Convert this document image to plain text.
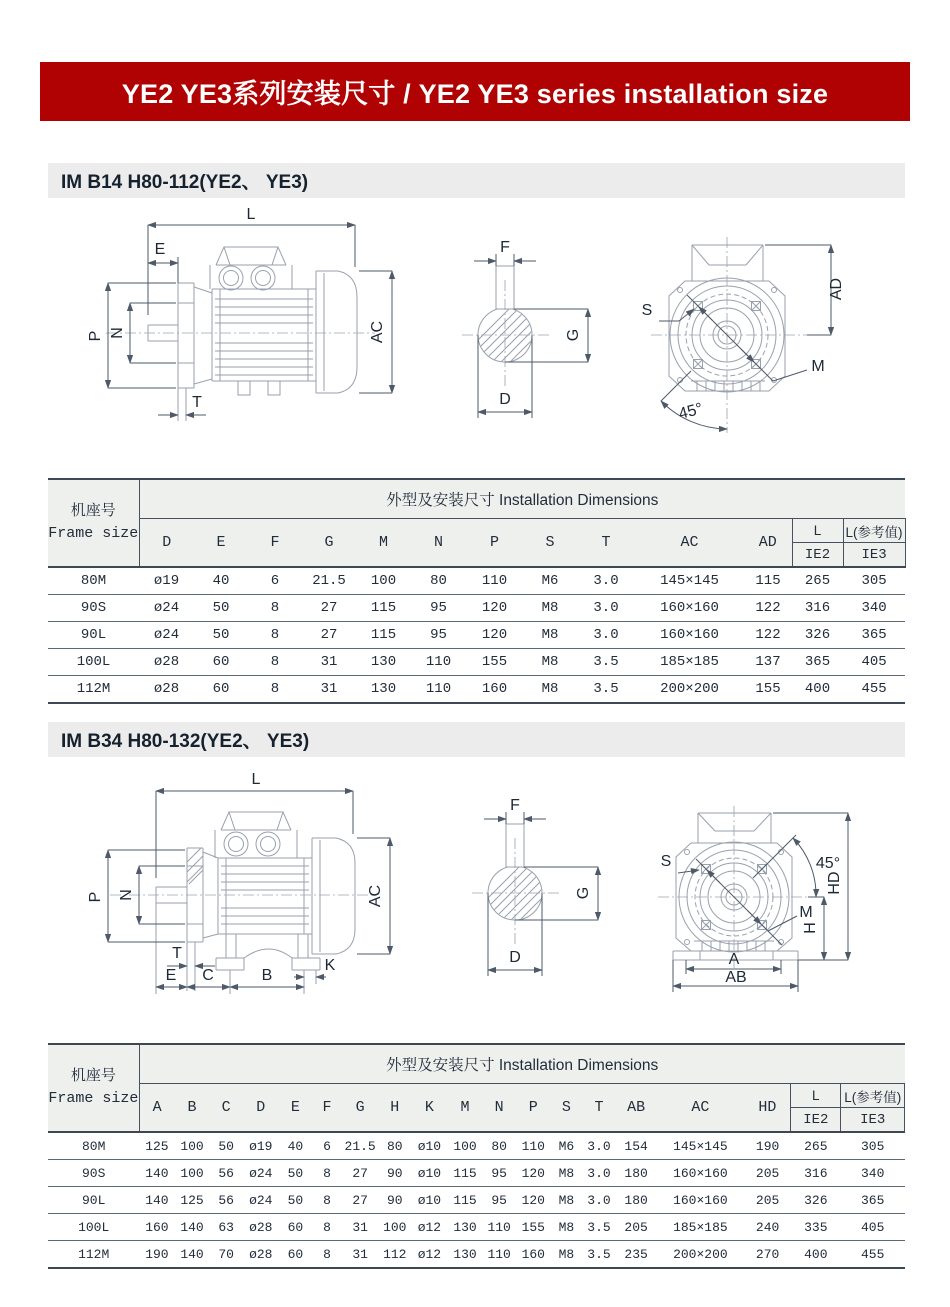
YE2 YE3系列安装尺寸 / YE2 YE3 series installation size
IM B14 H80-112(YE2、 YE3)
L
E
P N	AC
T
F
G
D
S
M
AD
45°
机座号
Frame size	外型及安装尺寸 Installation Dimensions												
	D	E	F	G	M	N	P	S	T	AC	AD	L	L(参考值)
												IE2	IE3
80M	ø19	40	6	21.5	100	80	110	M6	3.0	145×145	115	265	305
90S	ø24	50	8	27	115	95	120	M8	3.0	160×160	122	316	340
90L	ø24	50	8	27	115	95	120	M8	3.0	160×160	122	326	365
100L	ø28	60	8	31	130	110	155	M8	3.5	185×185	137	365	405
112M	ø28	60	8	31	130	110	160	M8	3.5	200×200	155	400	455
IM B34 H80-132(YE2、 YE3)
L
P N	AC
T
E C	B
K
F
G
D
S
M
45°
HD
H
A
AB
机座号
Frame size	外型及安装尺寸 Installation Dimensions																		
	A	B	C	D	E	F	G	H	K	M	N	P	S	T	AB	AC	HD	L	L(参考值)
																		IE2	IE3
80M	125	100	50	ø19	40	6	21.5	80	ø10	100	80	110	M6	3.0	154	145×145	190	265	305
90S	140	100	56	ø24	50	8	27	90	ø10	115	95	120	M8	3.0	180	160×160	205	316	340
90L	140	125	56	ø24	50	8	27	90	ø10	115	95	120	M8	3.0	180	160×160	205	326	365
100L	160	140	63	ø28	60	8	31	100	ø12	130	110	155	M8	3.5	205	185×185	240	335	405
112M	190	140	70	ø28	60	8	31	112	ø12	130	110	160	M8	3.5	235	200×200	270	400	455
